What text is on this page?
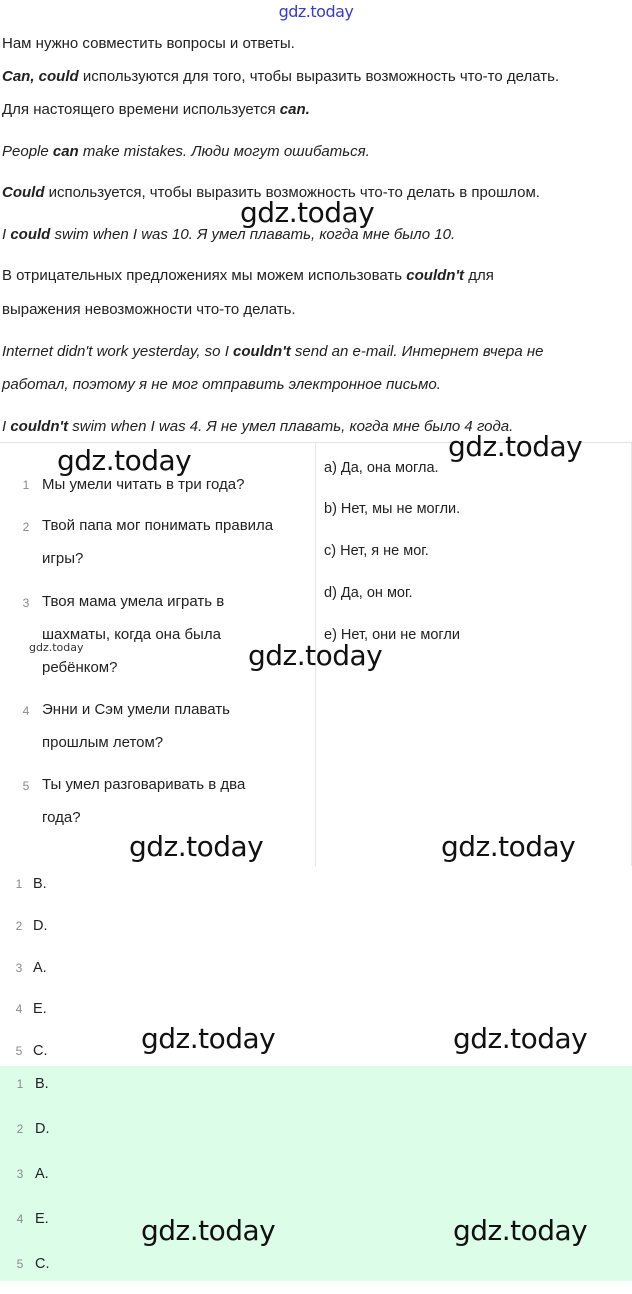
gdz.today
Нам нужно совместить вопросы и ответы.
Can, could используются для того, чтобы выразить возможность что-то делать.
Для настоящего времени используется can.
People can make mistakes. Люди могут ошибаться.
Could используется, чтобы выразить возможность что-то делать в прошлом.
I could swim when I was 10. Я умел плавать, когда мне было 10.
В отрицательных предложениях мы можем использовать couldn't для
выражения невозможности что-то делать.
Internet didn't work yesterday, so I couldn't send an e-mail. Интернет вчера не
работал, поэтому я не мог отправить электронное письмо.
I couldn't swim when I was 4. Я не умел плавать, когда мне было 4 года.
1 Мы умели читать в три года?
2 Твой папа мог понимать правила игры?
3 Твоя мама умела играть в шахматы, когда она была ребёнком?
4 Энни и Сэм умели плавать прошлым летом?
5 Ты умел разговаривать в два года?
a) Да, она могла.
b) Нет, мы не могли.
c) Нет, я не мог.
d) Да, он мог.
e) Нет, они не могли
1 B.
2 D.
3 A.
4 E.
5 C.
1 B.
2 D.
3 A.
4 E.
5 C.
gdz.today
gdz.today
gdz.today
gdz.today	gdz.today
gdz.today	gdz.today
gdz.today	gdz.today
gdz.today	gdz.today
